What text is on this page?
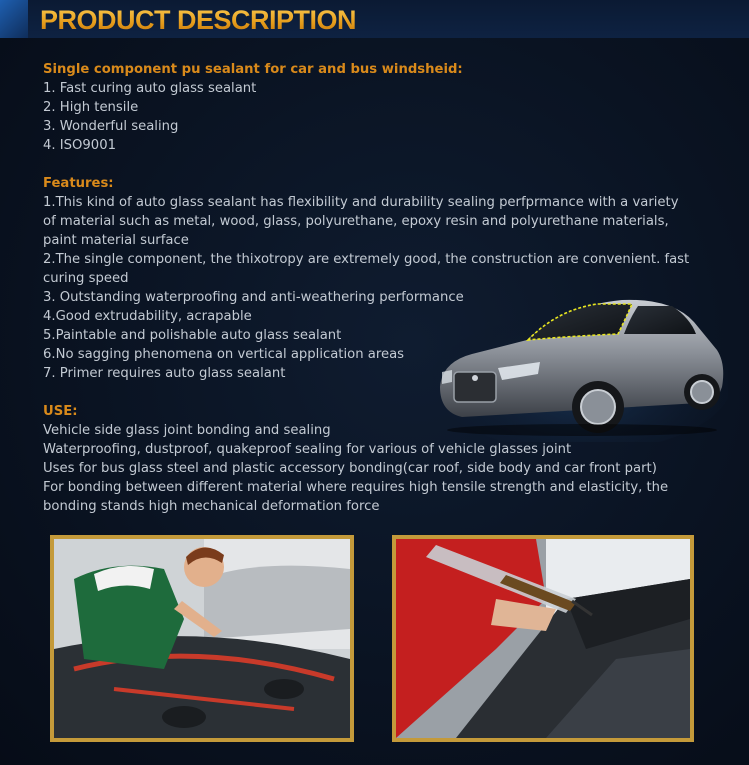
PRODUCT DESCRIPTION
Single component pu sealant for car and bus windsheid:
1. Fast curing auto glass sealant
2. High tensile
3. Wonderful sealing
4. ISO9001
Features:
1.This kind of auto glass sealant has flexibility and durability sealing perfprmance with a variety
of material such as metal, wood, glass, polyurethane, epoxy resin and polyurethane materials,
paint material surface
2.The single component, the thixotropy are extremely good, the construction are convenient. fast
curing speed
3. Outstanding waterproofing and anti-weathering performance
4.Good extrudability, acrapable
5.Paintable and polishable auto glass sealant
6.No sagging phenomena on vertical application areas
7. Primer requires auto glass sealant
USE:
Vehicle side glass joint bonding and sealing
Waterproofing, dustproof, quakeproof sealing for various of vehicle glasses joint
Uses for bus glass steel and plastic accessory bonding(car roof, side body and car front part)
For bonding between different material where requires high tensile strength and elasticity, the
bonding stands high mechanical deformation force
